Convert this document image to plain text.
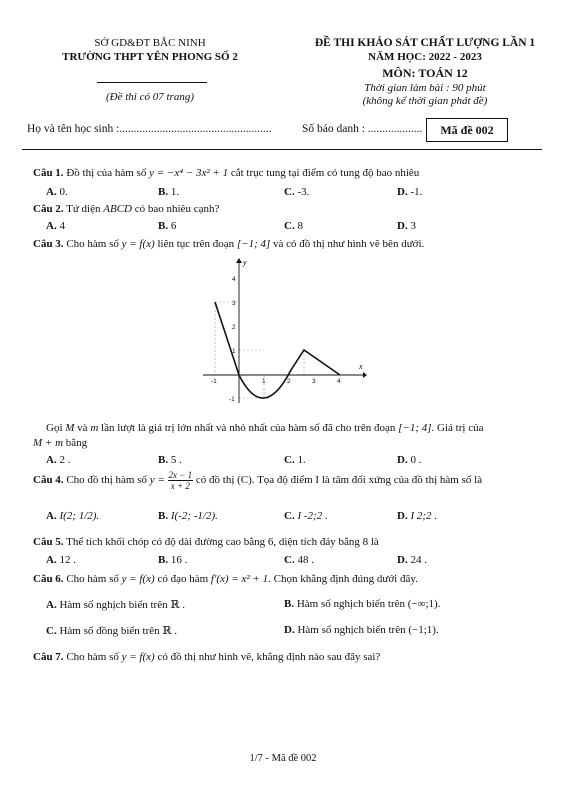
SỞ GD&ĐT BẮC NINH
TRƯỜNG THPT YÊN PHONG SỐ 2
(Đề thi có 07 trang)
ĐỀ THI KHẢO SÁT CHẤT LƯỢNG LẦN 1
NĂM HỌC: 2022 - 2023
MÔN: TOÁN 12
Thời gian làm bài : 90 phút
(không kể thời gian phát đề)
Họ và tên học sinh :.....................................................	Số báo danh : ...................	Mã đề 002
Câu 1. Đồ thị của hàm số y = −x⁴ − 3x² + 1 cắt trục tung tại điểm có tung độ bao nhiêu
A. 0.	B. 1.	C. -3.	D. -1.
Câu 2. Tứ diện ABCD có bao nhiêu cạnh?
A. 4	B. 6	C. 8	D. 3
Câu 3. Cho hàm số y = f(x) liên tục trên đoạn [−1; 4] và có đồ thị như hình vẽ bên dưới.
x
y
-1	1	2	3	4
4
3
2
1
-1
Gọi M và m lần lượt là giá trị lớn nhất và nhỏ nhất của hàm số đã cho trên đoạn [−1; 4]. Giá trị của
M + m bằng
A. 2 .	B. 5 .	C. 1.	D. 0 .
Câu 4. Cho đồ thị hàm số $y = \frac{2x - 1}{x + 2}$ có đồ thị (C). Tọa độ điểm I là tâm đối xứng của đồ thị hàm số là
A. I(2; 1/2).	B. I(-2; -1/2).	C. I -2;2 .	D. I 2;2 .
Câu 5. Thể tích khối chóp có độ dài đường cao bằng 6, diện tích đáy bằng 8 là
A. 12 .	B. 16 .	C. 48 .	D. 24 .
Câu 6. Cho hàm số y = f(x) có đạo hàm f′(x) = x² + 1. Chọn khẳng định đúng dưới đây.
A. Hàm số nghịch biến trên ℝ .	B. Hàm số nghịch biến trên (−∞;1).
C. Hàm số đồng biến trên ℝ .	D. Hàm số nghịch biến trên (−1;1).
Câu 7. Cho hàm số y = f(x) có đồ thị như hình vẽ, khẳng định nào sau đây sai?
1/7 - Mã đề 002
